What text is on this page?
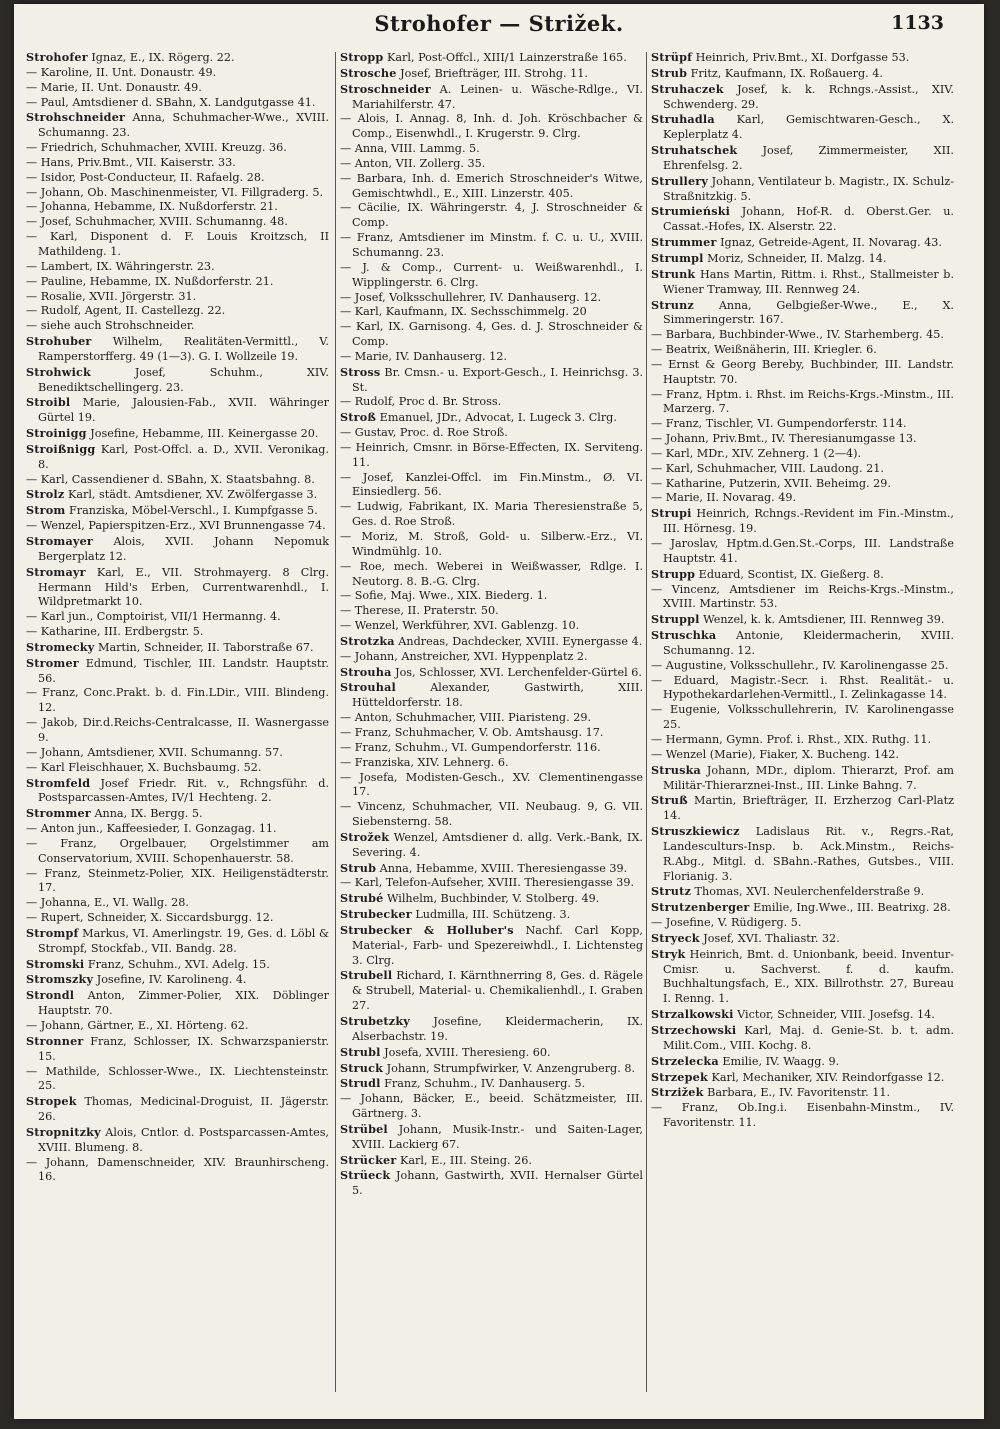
Strohofer — Strižek.	1133
Strohofer Ignaz, E., IX. Rögerg. 22.
— Karoline, II. Unt. Donaustr. 49.
— Marie, II. Unt. Donaustr. 49.
— Paul, Amtsdiener d. SBahn, X. Landgutgasse 41.
Strohschneider Anna, Schuhmacher-Wwe., XVIII. Schumanng. 23.
— Friedrich, Schuhmacher, XVIII. Kreuzg. 36.
— Hans, Priv.Bmt., VII. Kaiserstr. 33.
— Isidor, Post-Conducteur, II. Rafaelg. 28.
— Johann, Ob. Maschinenmeister, VI. Fillgraderg. 5.
— Johanna, Hebamme, IX. Nußdorferstr. 21.
— Josef, Schuhmacher, XVIII. Schumanng. 48.
— Karl, Disponent d. F. Louis Kroitzsch, II Mathildeng. 1.
— Lambert, IX. Währingerstr. 23.
— Pauline, Hebamme, IX. Nußdorferstr. 21.
— Rosalie, XVII. Jörgerstr. 31.
— Rudolf, Agent, II. Castellezg. 22.
— siehe auch Strohschneider.
Strohuber Wilhelm, Realitäten-Vermittl., V. Ramperstorfferg. 49 (1—3). G. I. Wollzeile 19.
Strohwick Josef, Schuhm., XIV. Benediktschellingerg. 23.
Stroibl Marie, Jalousien-Fab., XVII. Währinger Gürtel 19.
Stroinigg Josefine, Hebamme, III. Keinergasse 20.
Stroißnigg Karl, Post-Offcl. a. D., XVII. Veronikag. 8.
— Karl, Cassendiener d. SBahn, X. Staatsbahng. 8.
Strolz Karl, städt. Amtsdiener, XV. Zwölfergasse 3.
Strom Franziska, Möbel-Verschl., I. Kumpfgasse 5.
— Wenzel, Papierspitzen-Erz., XVI Brunnengasse 74.
Stromayer Alois, XVII. Johann Nepomuk Bergerplatz 12.
Stromayr Karl, E., VII. Strohmayerg. 8 Clrg. Hermann Hild's Erben, Currentwarenhdl., I. Wildpretmarkt 10.
— Karl jun., Comptoirist, VII/1 Hermanng. 4.
— Katharine, III. Erdbergstr. 5.
Stromecky Martin, Schneider, II. Taborstraße 67.
Stromer Edmund, Tischler, III. Landstr. Hauptstr. 56.
— Franz, Conc.Prakt. b. d. Fin.LDir., VIII. Blindeng. 12.
— Jakob, Dir.d.Reichs-Centralcasse, II. Wasnergasse 9.
— Johann, Amtsdiener, XVII. Schumanng. 57.
— Karl Fleischhauer, X. Buchsbaumg. 52.
Stromfeld Josef Friedr. Rit. v., Rchngsführ. d. Postsparcassen-Amtes, IV/1 Hechteng. 2.
Strommer Anna, IX. Bergg. 5.
— Anton jun., Kaffeesieder, I. Gonzagag. 11.
— Franz, Orgelbauer, Orgelstimmer am Conservatorium, XVIII. Schopenhauerstr. 58.
— Franz, Steinmetz-Polier, XIX. Heiligenstädterstr. 17.
— Johanna, E., VI. Wallg. 28.
— Rupert, Schneider, X. Siccardsburgg. 12.
Strompf Markus, VI. Amerlingstr. 19, Ges. d. Löbl & Strompf, Stockfab., VII. Bandg. 28.
Stromski Franz, Schuhm., XVI. Adelg. 15.
Stromszky Josefine, IV. Karolineng. 4.
Strondl Anton, Zimmer-Polier, XIX. Döblinger Hauptstr. 70.
— Johann, Gärtner, E., XI. Hörteng. 62.
Stronner Franz, Schlosser, IX. Schwarzspanierstr. 15.
— Mathilde, Schlosser-Wwe., IX. Liechtensteinstr. 25.
Stropek Thomas, Medicinal-Droguist, II. Jägerstr. 26.
Stropnitzky Alois, Cntlor. d. Postsparcassen-Amtes, XVIII. Blumeng. 8.
— Johann, Damenschneider, XIV. Braunhirscheng. 16.
Stropp Karl, Post-Offcl., XIII/1 Lainzerstraße 165.
Strosche Josef, Briefträger, III. Strohg. 11.
Stroschneider A. Leinen- u. Wäsche-Rdlge., VI. Mariahilferstr. 47.
— Alois, I. Annag. 8, Inh. d. Joh. Kröschbacher & Comp., Eisenwhdl., I. Krugerstr. 9. Clrg.
— Anna, VIII. Lammg. 5.
— Anton, VII. Zollerg. 35.
— Barbara, Inh. d. Emerich Stroschneider's Witwe, Gemischtwhdl., E., XIII. Linzerstr. 405.
— Cäcilie, IX. Währingerstr. 4, J. Stroschneider & Comp.
— Franz, Amtsdiener im Minstm. f. C. u. U., XVIII. Schumanng. 23.
— J. & Comp., Current- u. Weißwarenhdl., I. Wipplingerstr. 6. Clrg.
— Josef, Volksschullehrer, IV. Danhauserg. 12.
— Karl, Kaufmann, IX. Sechsschimmelg. 20
— Karl, IX. Garnisong. 4, Ges. d. J. Stroschneider & Comp.
— Marie, IV. Danhauserg. 12.
Stross Br. Cmsn.- u. Export-Gesch., I. Heinrichsg. 3. St.
— Rudolf, Proc d. Br. Stross.
Stroß Emanuel, JDr., Advocat, I. Lugeck 3. Clrg.
— Gustav, Proc. d. Roe Stroß.
— Heinrich, Cmsnr. in Börse-Effecten, IX. Serviteng. 11.
— Josef, Kanzlei-Offcl. im Fin.Minstm., Ø. VI. Einsiedlerg. 56.
— Ludwig, Fabrikant, IX. Maria Theresienstraße 5, Ges. d. Roe Stroß.
— Moriz, M. Stroß, Gold- u. Silberw.-Erz., VI. Windmühlg. 10.
— Roe, mech. Weberei in Weißwasser, Rdlge. I. Neutorg. 8. B.-G. Clrg.
— Sofie, Maj. Wwe., XIX. Biederg. 1.
— Therese, II. Praterstr. 50.
— Wenzel, Werkführer, XVI. Gablenzg. 10.
Strotzka Andreas, Dachdecker, XVIII. Eynergasse 4.
— Johann, Anstreicher, XVI. Hyppenplatz 2.
Strouha Jos, Schlosser, XVI. Lerchenfelder-Gürtel 6.
Strouhal Alexander, Gastwirth, XIII. Hütteldorferstr. 18.
— Anton, Schuhmacher, VIII. Piaristeng. 29.
— Franz, Schuhmacher, V. Ob. Amtshausg. 17.
— Franz, Schuhm., VI. Gumpendorferstr. 116.
— Franziska, XIV. Lehnerg. 6.
— Josefa, Modisten-Gesch., XV. Clementinengasse 17.
— Vincenz, Schuhmacher, VII. Neubaug. 9, G. VII. Siebensterng. 58.
Strožek Wenzel, Amtsdiener d. allg. Verk.-Bank, IX. Severing. 4.
Strub Anna, Hebamme, XVIII. Theresiengasse 39.
— Karl, Telefon-Aufseher, XVIII. Theresiengasse 39.
Strubé Wilhelm, Buchbinder, V. Stolberg. 49.
Strubecker Ludmilla, III. Schützeng. 3.
Strubecker & Holluber's Nachf. Carl Kopp, Material-, Farb- und Spezereiwhdl., I. Lichtensteg 3. Clrg.
Strubell Richard, I. Kärnthnerring 8, Ges. d. Rägele & Strubell, Material- u. Chemikalienhdl., I. Graben 27.
Strubetzky Josefine, Kleidermacherin, IX. Alserbachstr. 19.
Strubl Josefa, XVIII. Theresieng. 60.
Struck Johann, Strumpfwirker, V. Anzengruberg. 8.
Strudl Franz, Schuhm., IV. Danhauserg. 5.
— Johann, Bäcker, E., beeid. Schätzmeister, III. Gärtnerg. 3.
Strübel Johann, Musik-Instr.- und Saiten-Lager, XVIII. Lackierg 67.
Strücker Karl, E., III. Steing. 26.
Strüeck Johann, Gastwirth, XVII. Hernalser Gürtel 5.
Strüpf Heinrich, Priv.Bmt., XI. Dorfgasse 53.
Strub Fritz, Kaufmann, IX. Roßauerg. 4.
Struhaczek Josef, k. k. Rchngs.-Assist., XIV. Schwenderg. 29.
Struhadla Karl, Gemischtwaren-Gesch., X. Keplerplatz 4.
Struhatschek Josef, Zimmermeister, XII. Ehrenfelsg. 2.
Strullery Johann, Ventilateur b. Magistr., IX. Schulz-Straßnitzkig. 5.
Strumieński Johann, Hof-R. d. Oberst.Ger. u. Cassat.-Hofes, IX. Alserstr. 22.
Strummer Ignaz, Getreide-Agent, II. Novarag. 43.
Strumpl Moriz, Schneider, II. Malzg. 14.
Strunk Hans Martin, Rittm. i. Rhst., Stallmeister b. Wiener Tramway, III. Rennweg 24.
Strunz Anna, Gelbgießer-Wwe., E., X. Simmeringerstr. 167.
— Barbara, Buchbinder-Wwe., IV. Starhemberg. 45.
— Beatrix, Weißnäherin, III. Kriegler. 6.
— Ernst & Georg Bereby, Buchbinder, III. Landstr. Hauptstr. 70.
— Franz, Hptm. i. Rhst. im Reichs-Krgs.-Minstm., III. Marzerg. 7.
— Franz, Tischler, VI. Gumpendorferstr. 114.
— Johann, Priv.Bmt., IV. Theresianumgasse 13.
— Karl, MDr., XIV. Zehnerg. 1 (2—4).
— Karl, Schuhmacher, VIII. Laudong. 21.
— Katharine, Putzerin, XVII. Beheimg. 29.
— Marie, II. Novarag. 49.
Strupi Heinrich, Rchngs.-Revident im Fin.-Minstm., III. Hörnesg. 19.
— Jaroslav, Hptm.d.Gen.St.-Corps, III. Landstraße Hauptstr. 41.
Strupp Eduard, Scontist, IX. Gießerg. 8.
— Vincenz, Amtsdiener im Reichs-Krgs.-Minstm., XVIII. Martinstr. 53.
Struppl Wenzel, k. k. Amtsdiener, III. Rennweg 39.
Struschka Antonie, Kleidermacherin, XVIII. Schumanng. 12.
— Augustine, Volksschullehr., IV. Karolinengasse 25.
— Eduard, Magistr.-Secr. i. Rhst. Realität.- u. Hypothekardarlehen-Vermittl., I. Zelinkagasse 14.
— Eugenie, Volksschullehrerin, IV. Karolinengasse 25.
— Hermann, Gymn. Prof. i. Rhst., XIX. Ruthg. 11.
— Wenzel (Marie), Fiaker, X. Bucheng. 142.
Struska Johann, MDr., diplom. Thierarzt, Prof. am Militär-Thierarznei-Inst., III. Linke Bahng. 7.
Struß Martin, Briefträger, II. Erzherzog Carl-Platz 14.
Struszkiewicz Ladislaus Rit. v., Regrs.-Rat, Landesculturs-Insp. b. Ack.Minstm., Reichs-R.Abg., Mitgl. d. SBahn.-Rathes, Gutsbes., VIII. Florianig. 3.
Strutz Thomas, XVI. Neulerchenfelderstraße 9.
Strutzenberger Emilie, Ing.Wwe., III. Beatrixg. 28.
— Josefine, V. Rüdigerg. 5.
Stryeck Josef, XVI. Thaliastr. 32.
Stryk Heinrich, Bmt. d. Unionbank, beeid. Inventur-Cmisr. u. Sachverst. f. d. kaufm. Buchhaltungsfach, E., XIX. Billrothstr. 27, Bureau I. Renng. 1.
Strzalkowski Victor, Schneider, VIII. Josefsg. 14.
Strzechowski Karl, Maj. d. Genie-St. b. t. adm. Milit.Com., VIII. Kochg. 8.
Strzelecka Emilie, IV. Waagg. 9.
Strzepek Karl, Mechaniker, XIV. Reindorfgasse 12.
Strzižek Barbara, E., IV. Favoritenstr. 11.
— Franz, Ob.Ing.i. Eisenbahn-Minstm., IV. Favoritenstr. 11.
